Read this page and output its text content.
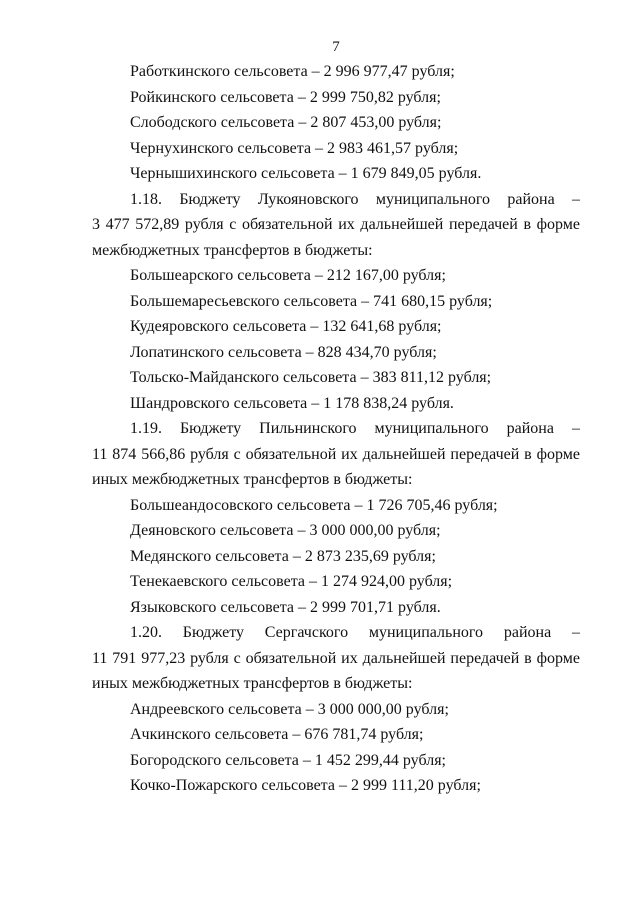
7
Работкинского сельсовета – 2 996 977,47 рубля;
Ройкинского сельсовета – 2 999 750,82 рубля;
Слободского сельсовета – 2 807 453,00 рубля;
Чернухинского сельсовета – 2 983 461,57 рубля;
Чернышихинского сельсовета – 1 679 849,05 рубля.
1.18. Бюджету Лукояновского муниципального района –
3 477 572,89 рубля с обязательной их дальнейшей передачей в форме
межбюджетных трансфертов в бюджеты:
Большеарского сельсовета – 212 167,00 рубля;
Большемаресьевского сельсовета – 741 680,15 рубля;
Кудеяровского сельсовета – 132 641,68 рубля;
Лопатинского сельсовета – 828 434,70 рубля;
Тольско-Майданского сельсовета – 383 811,12 рубля;
Шандровского сельсовета – 1 178 838,24 рубля.
1.19. Бюджету Пильнинского муниципального района –
11 874 566,86 рубля с обязательной их дальнейшей передачей в форме
иных межбюджетных трансфертов в бюджеты:
Большеандосовского сельсовета – 1 726 705,46 рубля;
Деяновского сельсовета – 3 000 000,00 рубля;
Медянского сельсовета – 2 873 235,69 рубля;
Тенекаевского сельсовета – 1 274 924,00 рубля;
Языковского сельсовета – 2 999 701,71 рубля.
1.20. Бюджету Сергачского муниципального района –
11 791 977,23 рубля с обязательной их дальнейшей передачей в форме
иных межбюджетных трансфертов в бюджеты:
Андреевского сельсовета – 3 000 000,00 рубля;
Ачкинского сельсовета – 676 781,74 рубля;
Богородского сельсовета – 1 452 299,44 рубля;
Кочко-Пожарского сельсовета – 2 999 111,20 рубля;
